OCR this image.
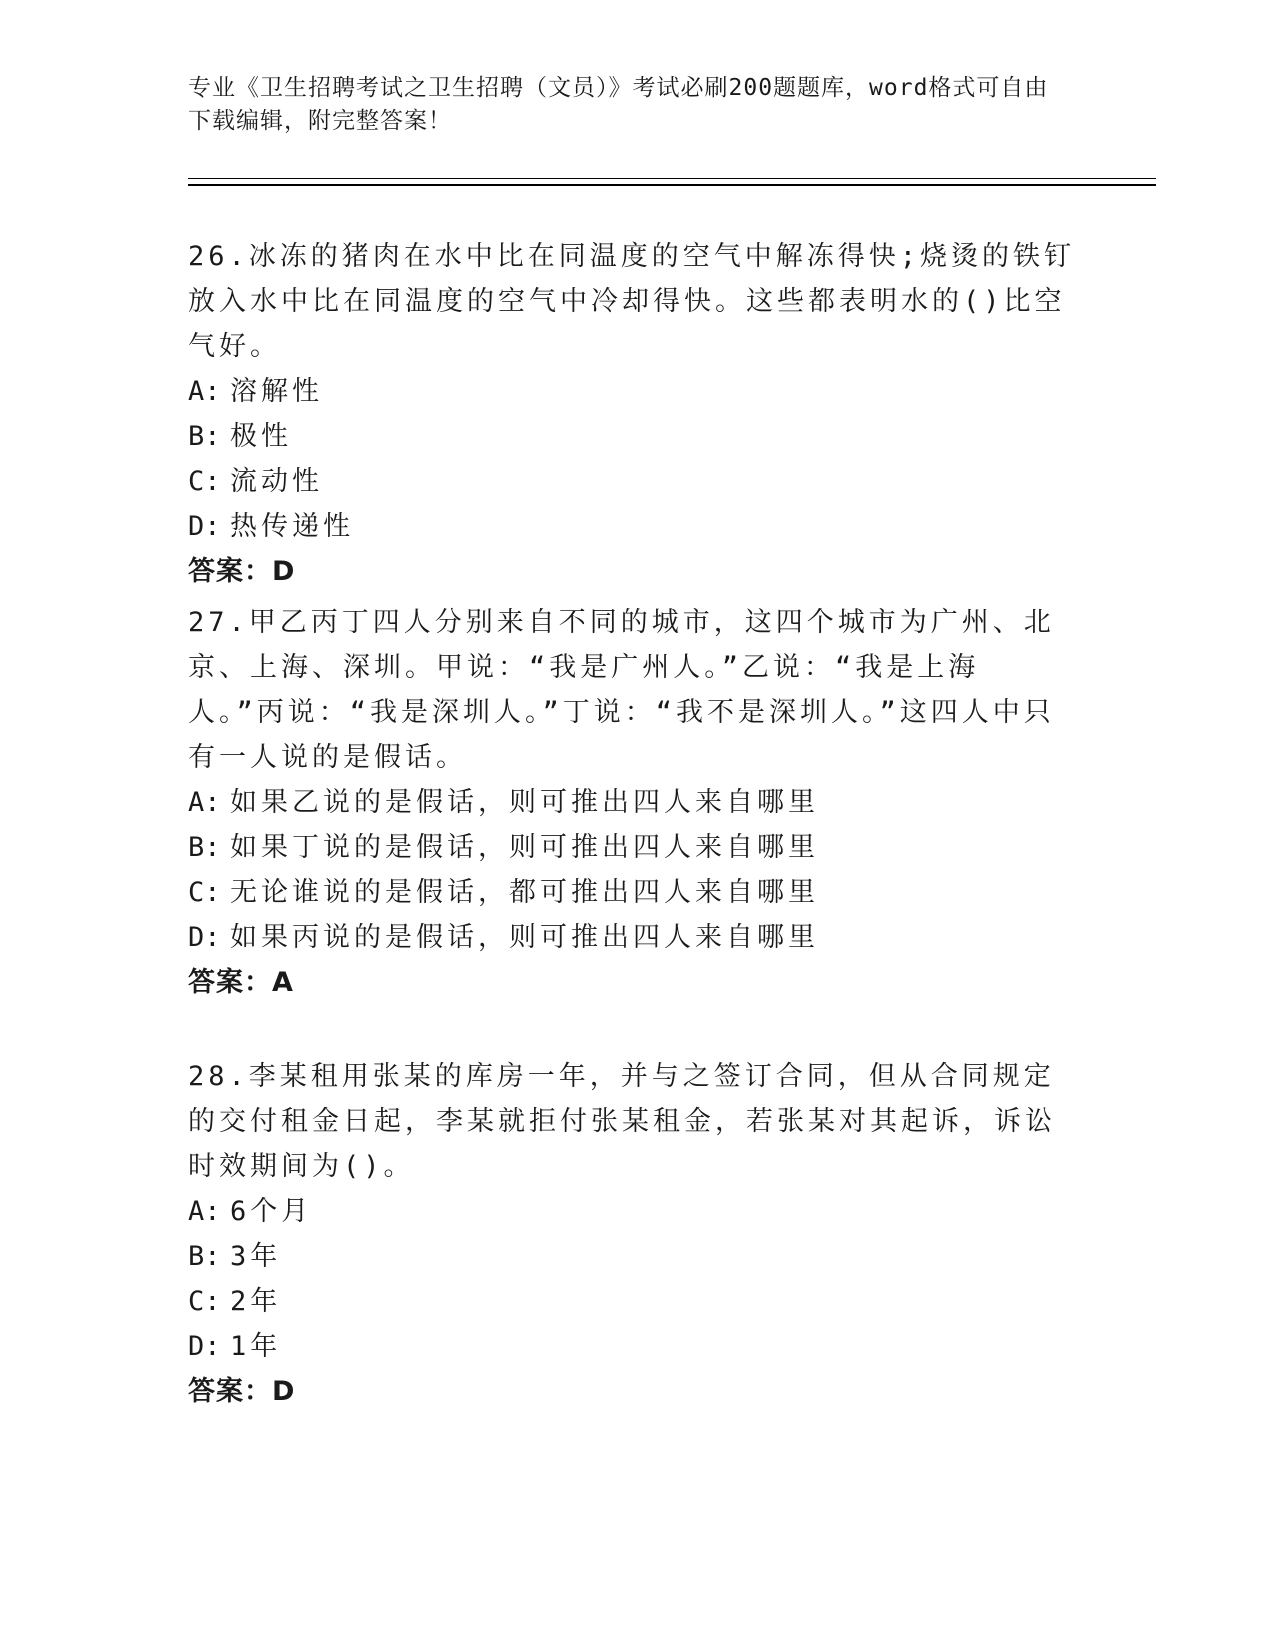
专业《卫生招聘考试之卫生招聘（文员）》考试必刷200题题库，word格式可自由下载编辑，附完整答案！
26.冰冻的猪肉在水中比在同温度的空气中解冻得快;烧烫的铁钉放入水中比在同温度的空气中冷却得快。这些都表明水的()比空气好。
A: 溶解性
B: 极性
C: 流动性
D: 热传递性
答案：D
27.甲乙丙丁四人分别来自不同的城市，这四个城市为广州、北京、上海、深圳。甲说：“我是广州人。”乙说：“我是上海人。”丙说：“我是深圳人。”丁说：“我不是深圳人。”这四人中只有一人说的是假话。
A: 如果乙说的是假话，则可推出四人来自哪里
B: 如果丁说的是假话，则可推出四人来自哪里
C: 无论谁说的是假话，都可推出四人来自哪里
D: 如果丙说的是假话，则可推出四人来自哪里
答案：A
28.李某租用张某的库房一年，并与之签订合同，但从合同规定的交付租金日起，李某就拒付张某租金，若张某对其起诉，诉讼时效期间为()。
A: 6个月
B: 3年
C: 2年
D: 1年
答案：D
